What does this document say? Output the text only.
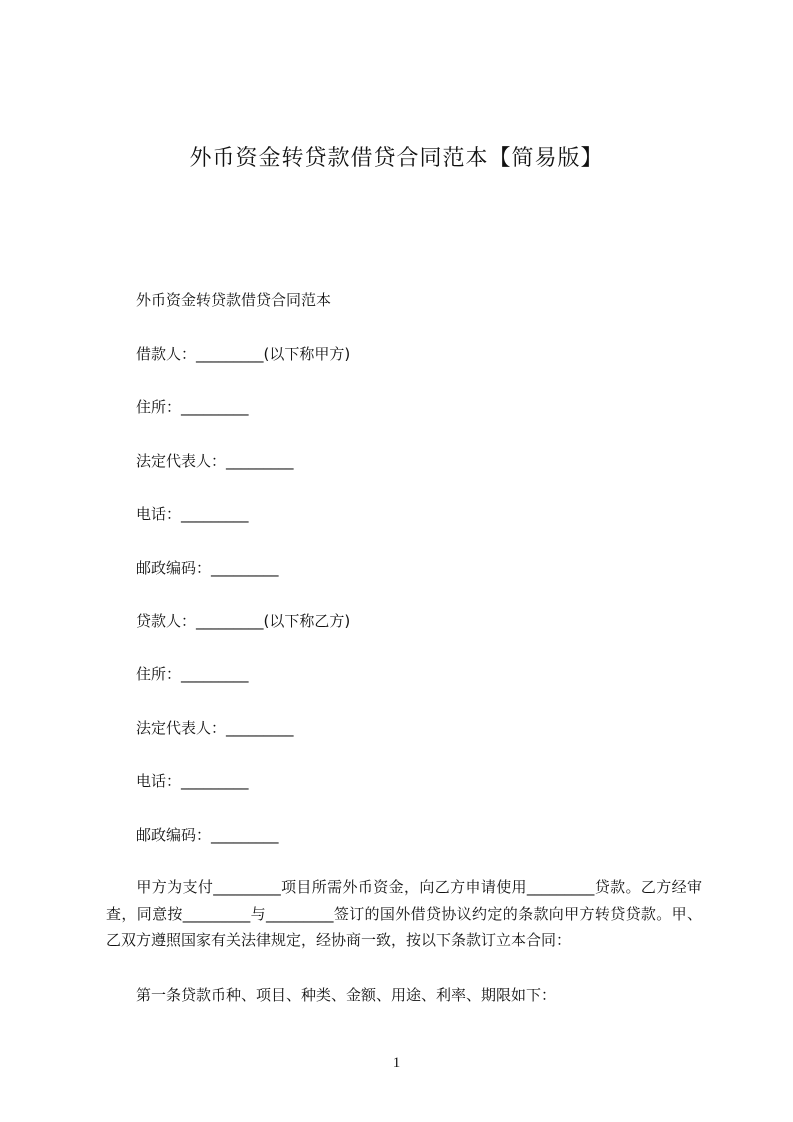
外币资金转贷款借贷合同范本【简易版】
外币资金转贷款借贷合同范本
借款人：_________(以下称甲方)
住所：_________
法定代表人：_________
电话：_________
邮政编码：_________
贷款人：_________(以下称乙方)
住所：_________
法定代表人：_________
电话：_________
邮政编码：_________
甲方为支付_________项目所需外币资金，向乙方申请使用_________贷款。乙方经审查，同意按_________与_________签订的国外借贷协议约定的条款向甲方转贷贷款。甲、乙双方遵照国家有关法律规定，经协商一致，按以下条款订立本合同：
第一条贷款币种、项目、种类、金额、用途、利率、期限如下：
1
